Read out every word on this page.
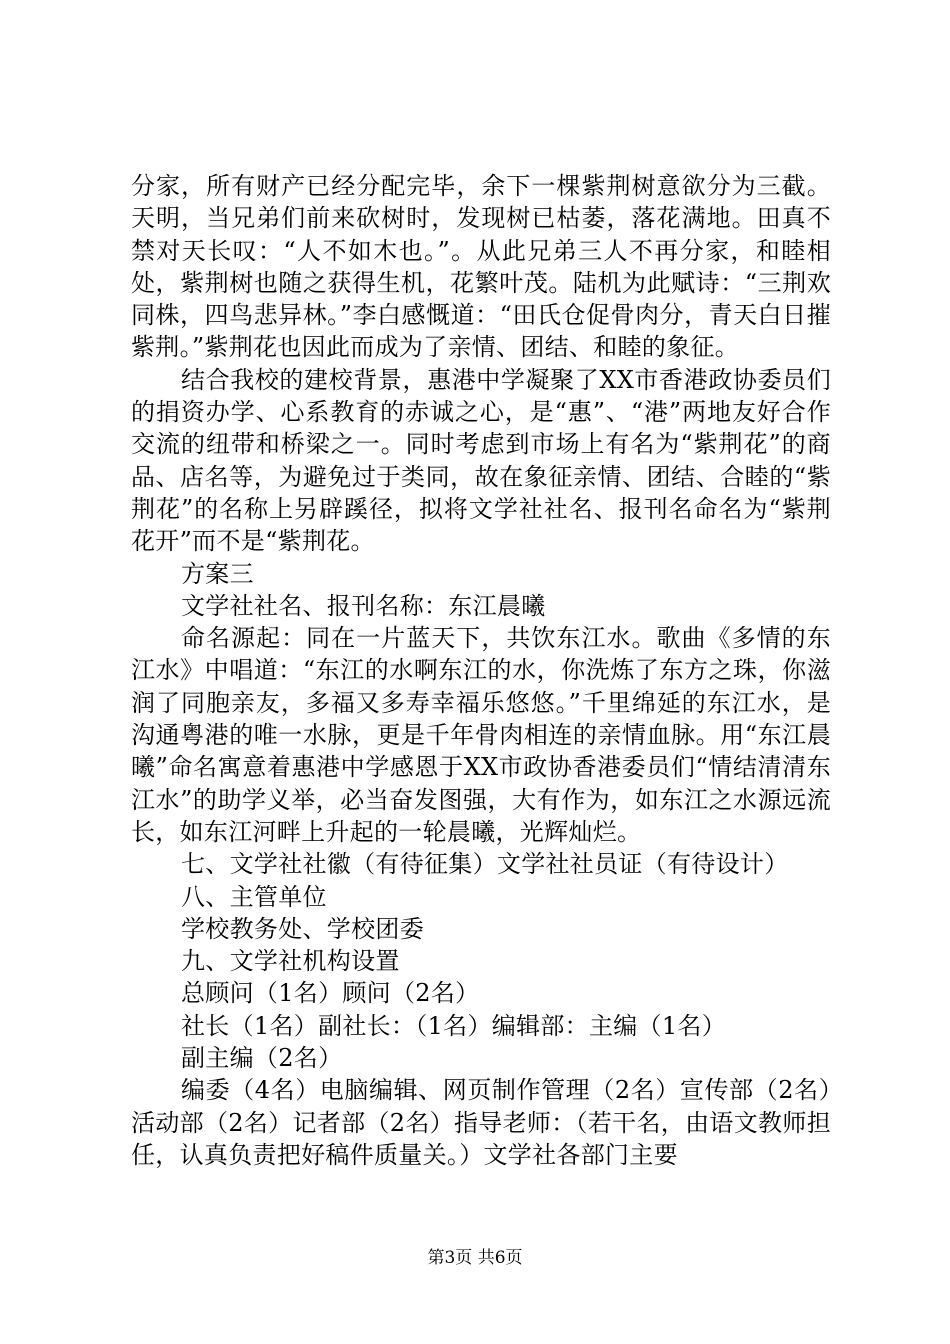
分家，所有财产已经分配完毕，余下一棵紫荆树意欲分为三截。天明，当兄弟们前来砍树时，发现树已枯萎，落花满地。田真不禁对天长叹：“人不如木也。”。从此兄弟三人不再分家，和睦相处，紫荆树也随之获得生机，花繁叶茂。陆机为此赋诗：“三荆欢同株，四鸟悲异林。”李白感慨道：“田氏仓促骨肉分，青天白日摧紫荆。”紫荆花也因此而成为了亲情、团结、和睦的象征。

结合我校的建校背景，惠港中学凝聚了XX市香港政协委员们的捐资办学、心系教育的赤诚之心，是“惠”、“港”两地友好合作交流的纽带和桥梁之一。同时考虑到市场上有名为“紫荆花”的商品、店名等，为避免过于类同，故在象征亲情、团结、合睦的“紫荆花”的名称上另辟蹊径，拟将文学社社名、报刊名命名为“紫荆花开”而不是“紫荆花。

方案三

文学社社名、报刊名称：东江晨曦

命名源起：同在一片蓝天下，共饮东江水。歌曲《多情的东江水》中唱道：“东江的水啊东江的水，你洗炼了东方之珠，你滋润了同胞亲友，多福又多寿幸福乐悠悠。”千里绵延的东江水，是沟通粤港的唯一水脉，更是千年骨肉相连的亲情血脉。用“东江晨曦”命名寓意着惠港中学感恩于XX市政协香港委员们“情结清清东江水”的助学义举，必当奋发图强，大有作为，如东江之水源远流长，如东江河畔上升起的一轮晨曦，光辉灿烂。

七、文学社社徽（有待征集）文学社社员证（有待设计）

八、主管单位

学校教务处、学校团委

九、文学社机构设置

总顾问（1名）顾问（2名）

社长（1名）副社长：（1名）编辑部：主编（1名）

副主编（2名）

编委（4名）电脑编辑、网页制作管理（2名）宣传部（2名）活动部（2名）记者部（2名）指导老师：（若干名，由语文教师担任，认真负责把好稿件质量关。）文学社各部门主要

第3页 共6页
